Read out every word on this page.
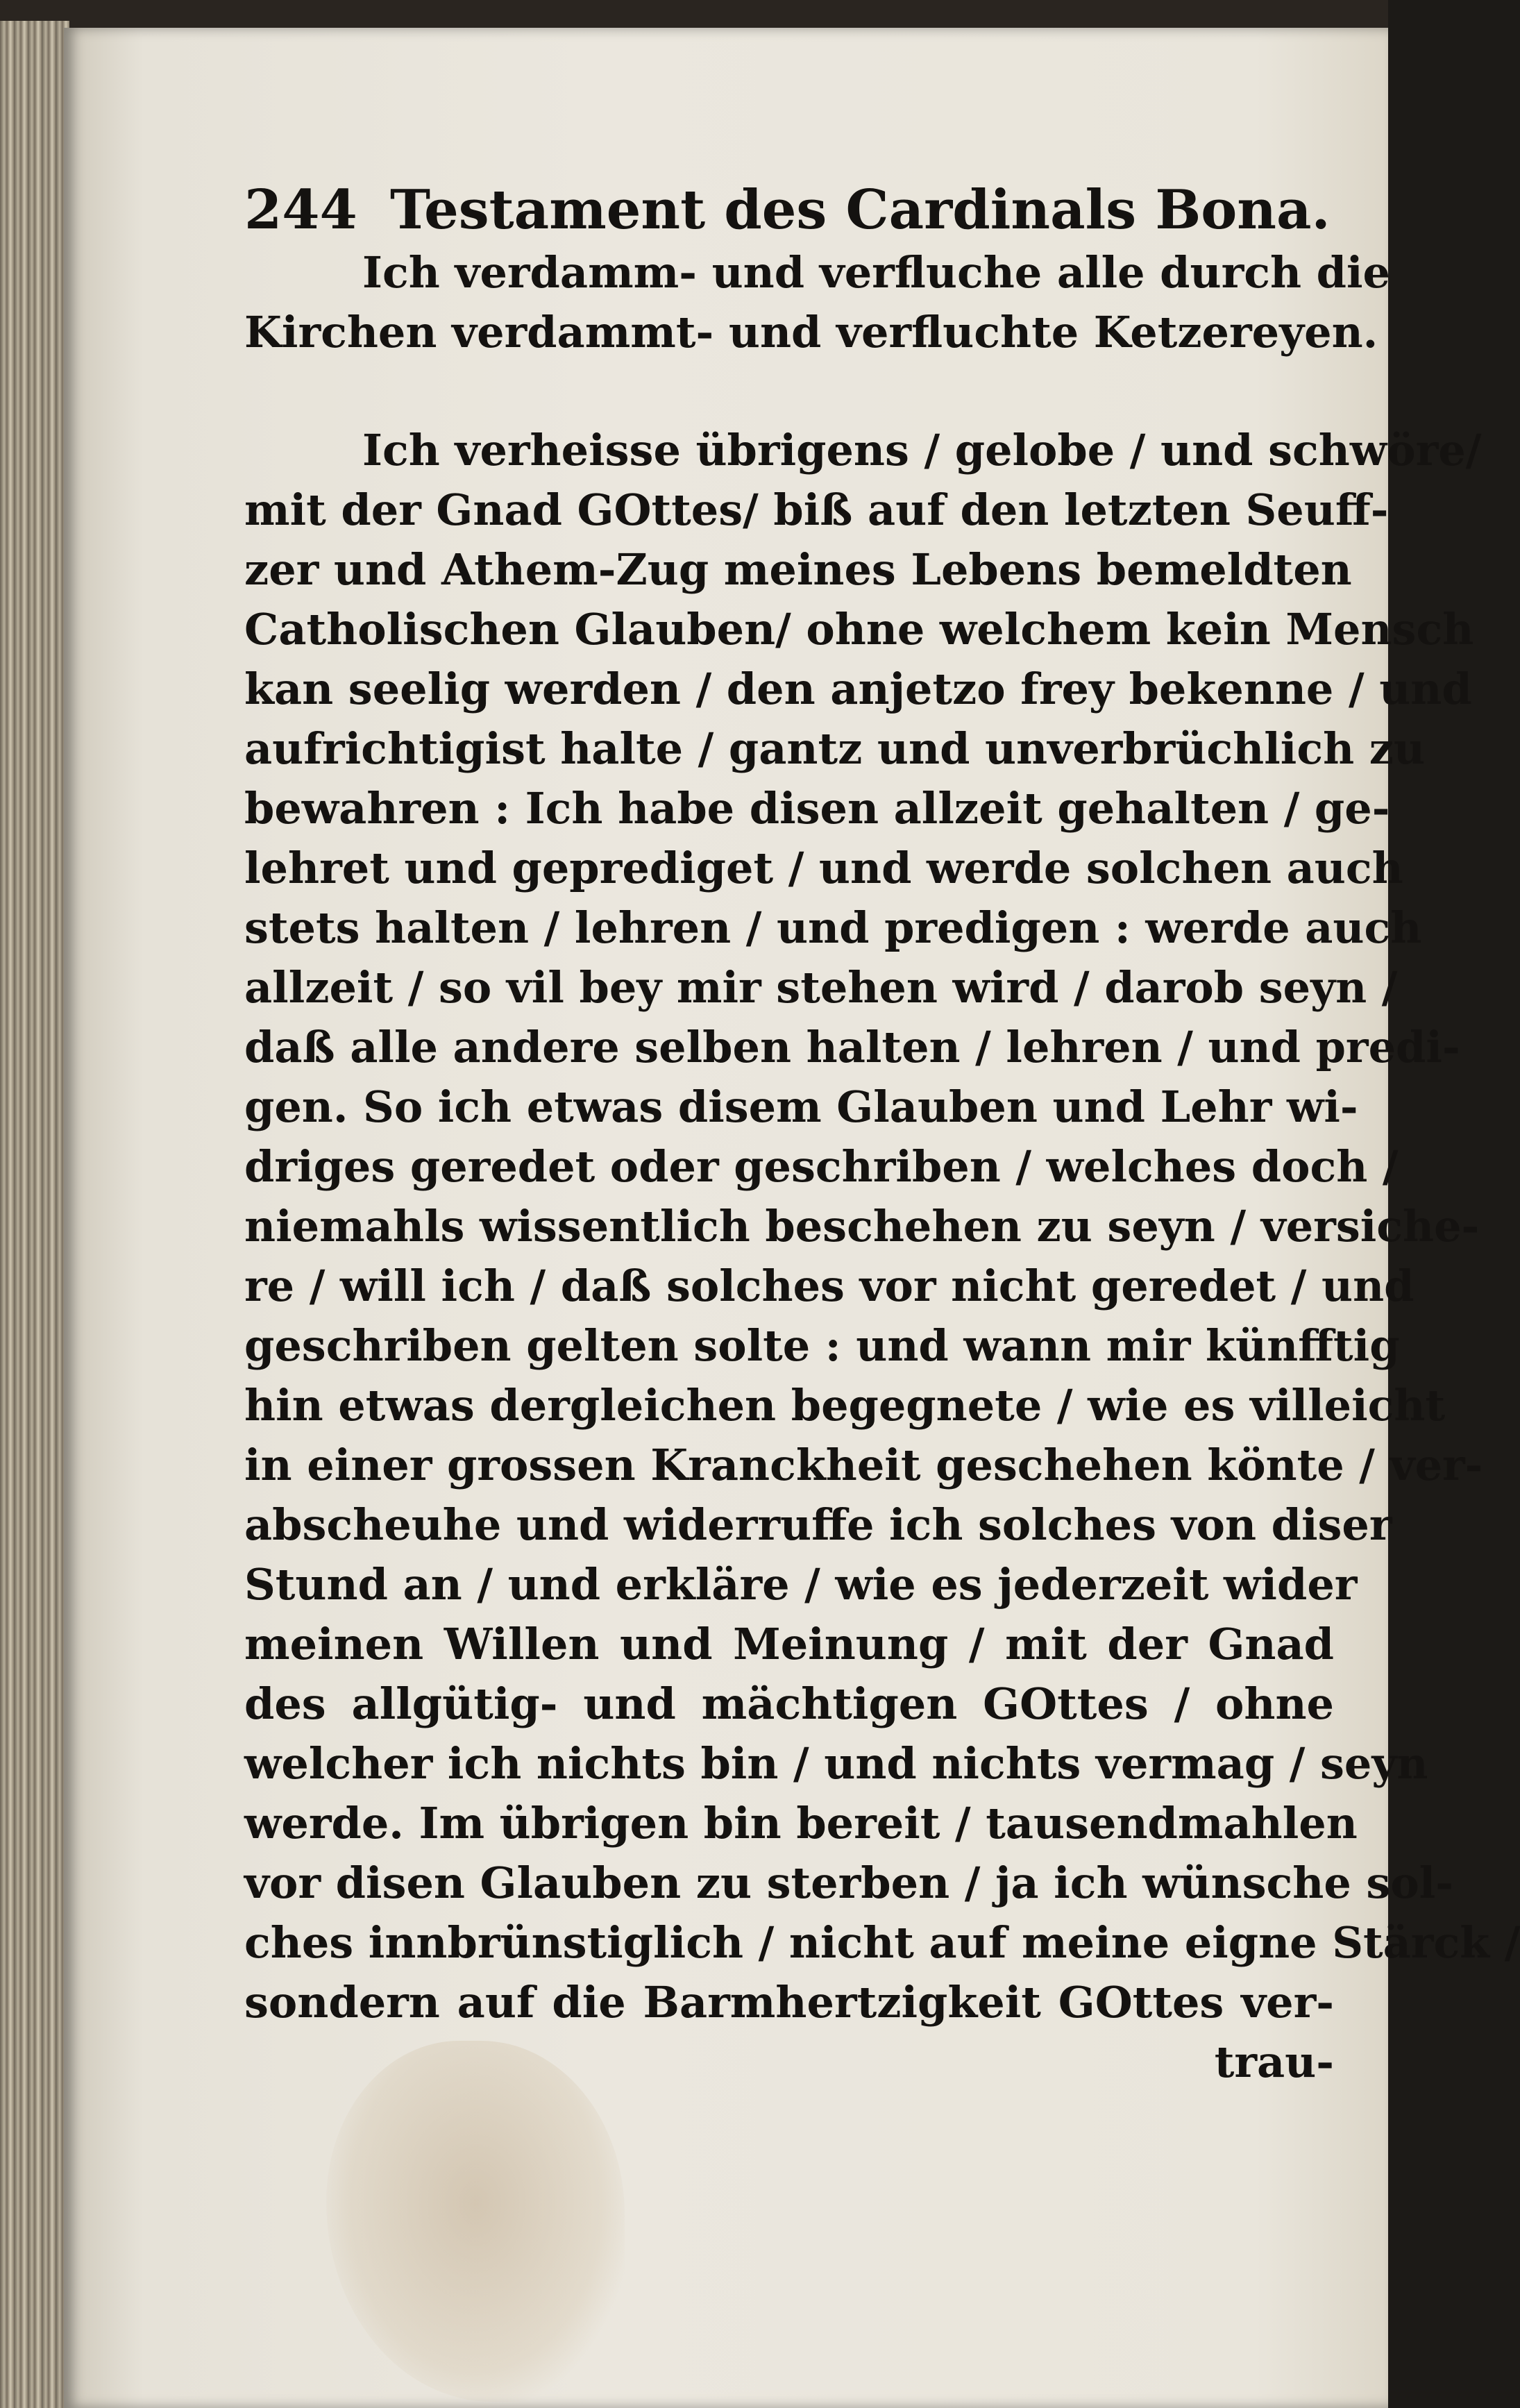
244 Testament des Cardinals Bona.
Ich verdamm- und verfluche alle durch die
Kirchen verdammt- und verfluchte Ketzereyen.
Ich verheisse übrigens / gelobe / und schwöre/
mit der Gnad GOttes/ biß auf den letzten Seuff-
zer und Athem-Zug meines Lebens bemeldten
Catholischen Glauben/ ohne welchem kein Mensch
kan seelig werden / den anjetzo frey bekenne / und
aufrichtigist halte / gantz und unverbrüchlich zu
bewahren : Ich habe disen allzeit gehalten / ge-
lehret und geprediget / und werde solchen auch
stets halten / lehren / und predigen : werde auch
allzeit / so vil bey mir stehen wird / darob seyn /
daß alle andere selben halten / lehren / und predi-
gen. So ich etwas disem Glauben und Lehr wi-
driges geredet oder geschriben / welches doch /
niemahls wissentlich beschehen zu seyn / versiche-
re / will ich / daß solches vor nicht geredet / und
geschriben gelten solte : und wann mir künfftig
hin etwas dergleichen begegnete / wie es villeicht
in einer grossen Kranckheit geschehen könte / ver-
abscheuhe und widerruffe ich solches von diser
Stund an / und erkläre / wie es jederzeit wider
meinen Willen und Meinung / mit der Gnad
des allgütig- und mächtigen GOttes / ohne
welcher ich nichts bin / und nichts vermag / seyn
werde. Im übrigen bin bereit / tausendmahlen
vor disen Glauben zu sterben / ja ich wünsche sol-
ches innbrünstiglich / nicht auf meine eigne Stärck /
sondern auf die Barmhertzigkeit GOttes ver-
trau-
